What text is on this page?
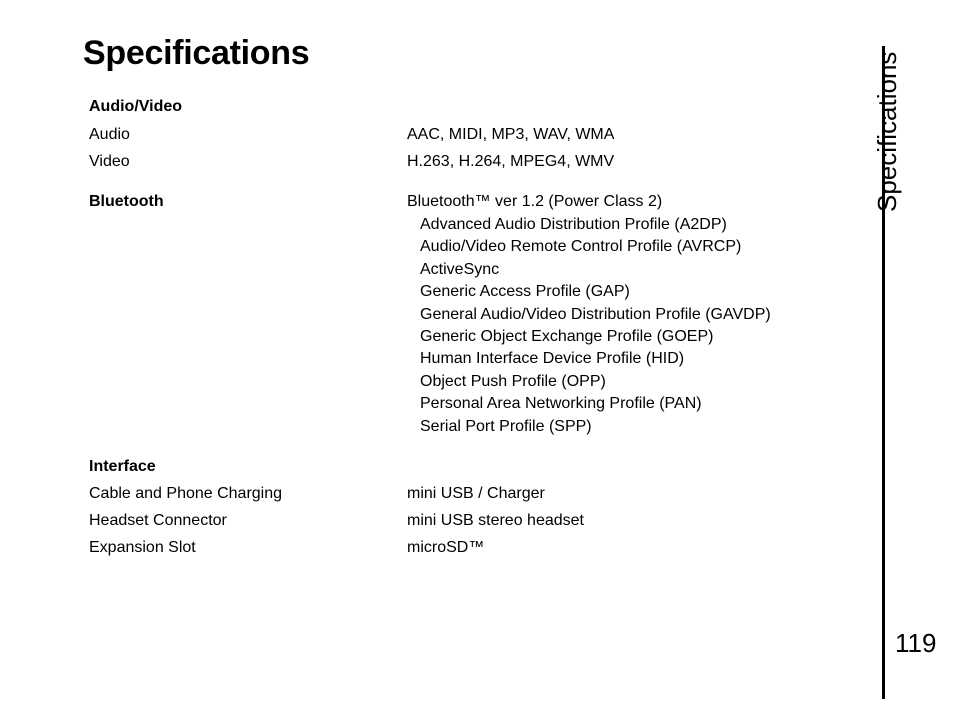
Specifications	Specifications
119
Audio/Video
Audio	AAC, MIDI, MP3, WAV, WMA
Video	H.263, H.264, MPEG4, WMV
Bluetooth	Bluetooth™ ver 1.2 (Power Class 2)
Advanced Audio Distribution Profile (A2DP)
Audio/Video Remote Control Profile (AVRCP)
ActiveSync
Generic Access Profile (GAP)
General Audio/Video Distribution Profile (GAVDP)
Generic Object Exchange Profile (GOEP)
Human Interface Device Profile (HID)
Object Push Profile (OPP)
Personal Area Networking Profile (PAN)
Serial Port Profile (SPP)
Interface
Cable and Phone Charging	mini USB / Charger
Headset Connector	mini USB stereo headset
Expansion Slot	microSD™
